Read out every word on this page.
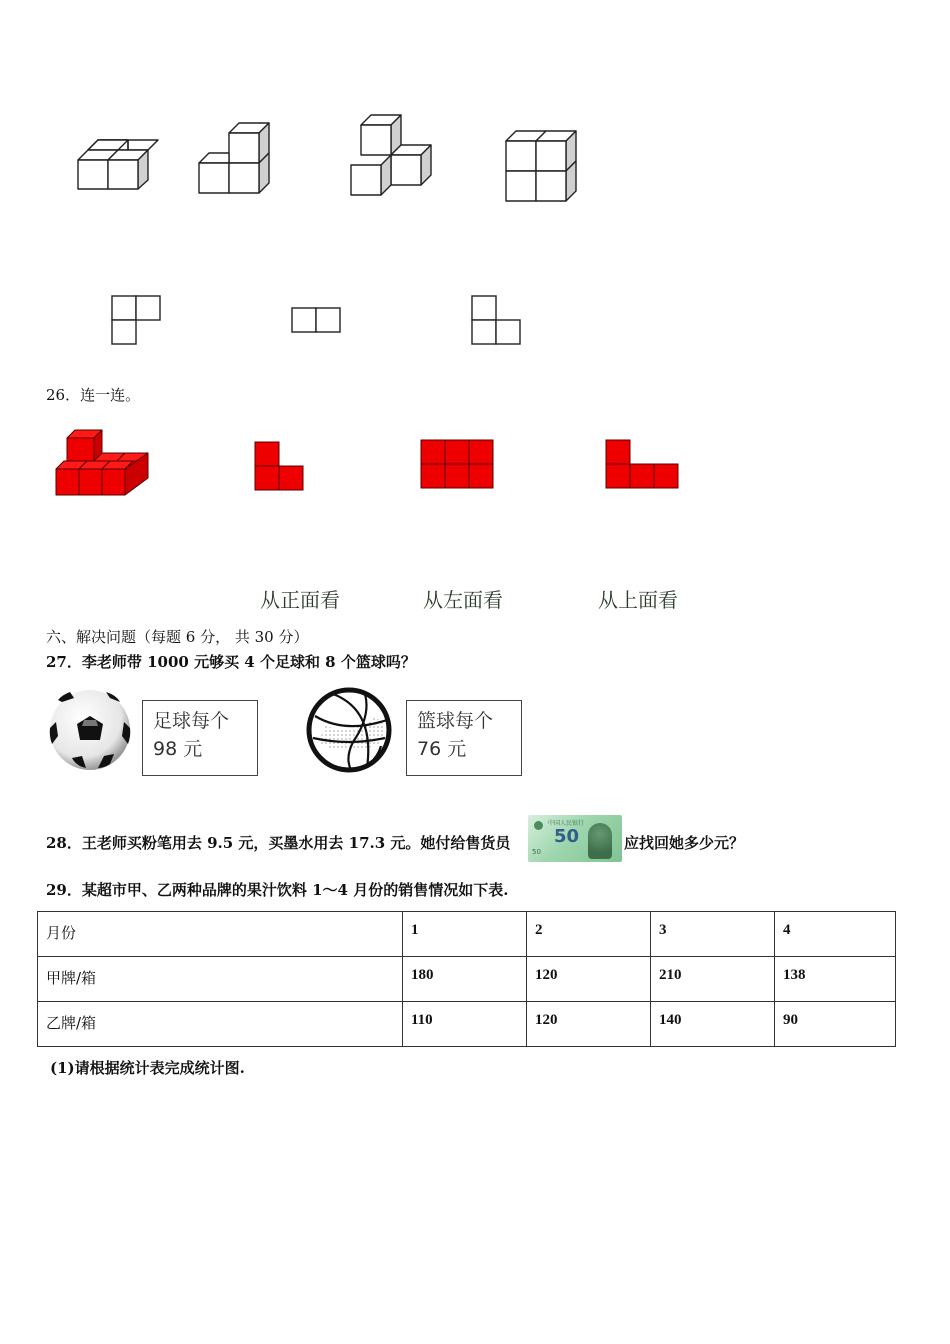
26．连一连。
从正面看	从左面看	从上面看
六、解决问题（每题 6 分， 共 30 分）
27．李老师带 1000 元够买 4 个足球和 8 个篮球吗？
足球每个
98 元
篮球每个
76 元
28．王老师买粉笔用去 9.5 元，买墨水用去 17.3 元。她付给售货员
中国人民银行
50
50	应找回她多少元？
29．某超市甲、乙两种品牌的果汁饮料 1～4 月份的销售情况如下表.
月份	1	2	3	4
甲牌/箱	180	120	210	138
乙牌/箱	110	120	140	90
(1)请根据统计表完成统计图.
